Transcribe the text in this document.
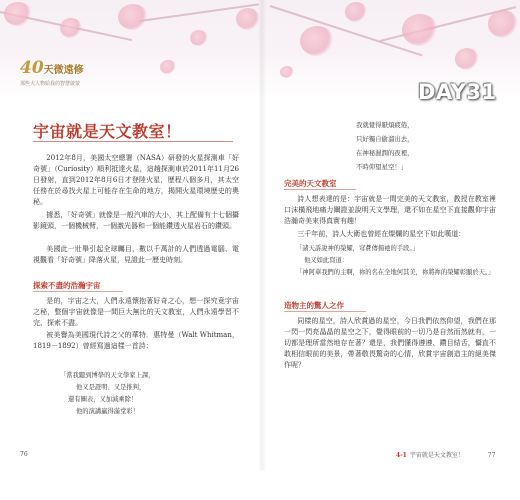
40天微遠修
那些大人物給我的智慧啟蒙	DAY31
宇宙就是天文教室！

2012年8月，美國太空總署（NASA）研發的火星探測車「好奇號」（Curiosity）順利抵達火星，這趟探測車於2011年11月26日發射，直到2012年8月6日才登陸火星，歷程八個多月，其太空任務在於尋找火星上可能存在生命的地方，揭開火星環境歷史的奧秘。

據悉，「好奇號」就像是一般汽車的大小，其上配備有十七個攝影鏡頭，一個機械臂，一個激光器和一個能鑽透火星岩石的鑽頭。

美國此一壯舉引起全球矚目，數以千萬計的人們透過電腦、電視觀看「好奇號」降落火星，見證此一歷史時刻。

探索不盡的浩瀚宇宙

是的，宇宙之大，人們永遠懷抱著好奇之心，想一探究竟宇宙之秘，整個宇宙就像是一間巨大無比的天文教室，人們永遠學習不完、探索不盡。

被美譽為美國現代詩之父的華特．惠特曼（Walt Whitman，1819－1892）曾經寫過這樣一首詩：

「當我聽到博學的天文學家上課，
他又是證明、又是推判，
還有圖表，又加減乘除！
他的演講贏得滿堂彩！
76
我就覺得厭煩疲倦，
只好獨自偷溜出去，
在神秘濕潤的夜裡，
不時仰望星空！」
完美的天文教室

詩人想表達的是：宇宙就是一間完美的天文教室，教授在教室裡口沫橫飛地痛力闡證並說明天文學理，還不如在星空下直接觀仰宇宙浩瀚奇美來得真實有趣！

三千年前，詩人大衛也曾經在燦爛的星空下如此嘆道：

「諸天訴說神的榮耀，穹蒼傳揚祂的手段。」
他又如此寫道：
「神阿華我們的主啊，祢的名在全地何其美，祢將祢的榮耀彰顯於天。」
造物主的驚人之作

同樣的星空，詩人欣賞過的星空，今日我們依然仰望，我們在那一閃一閃亮晶晶的星空之下，覺得眼前的一切乃是自然而然就有，一切都是理所當然地存在著？還是，我們懂得遵遵、鑽目結舌，懾直不敢相信眼前的美景，帶著敬畏驚奇的心情，欣賞宇宙創造主的絕美傑作呢？

4-1 宇宙就是天文教室！	77
